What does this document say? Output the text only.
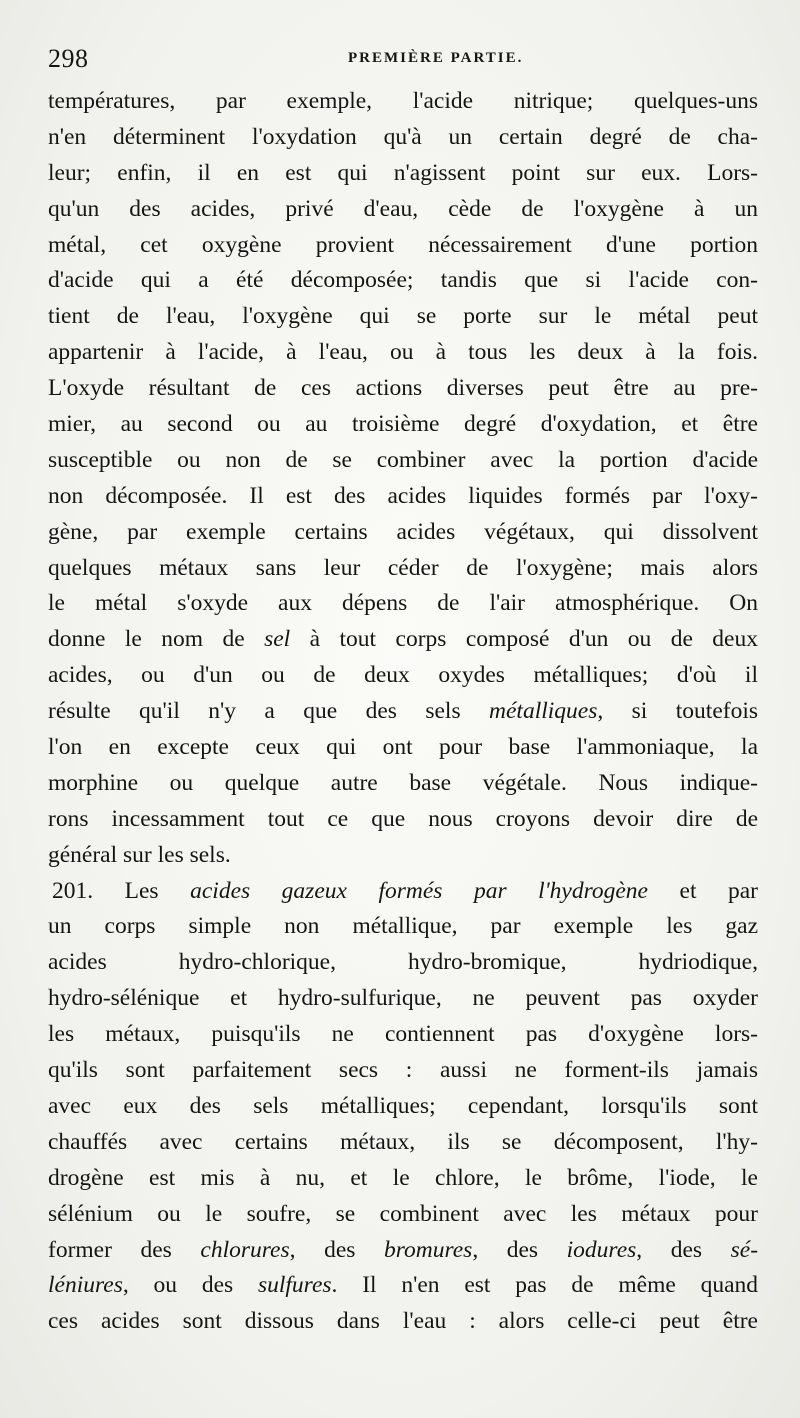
298	PREMIÈRE PARTIE.
températures, par exemple, l'acide nitrique; quelques-uns
n'en déterminent l'oxydation qu'à un certain degré de cha-
leur; enfin, il en est qui n'agissent point sur eux. Lors-
qu'un des acides, privé d'eau, cède de l'oxygène à un
métal, cet oxygène provient nécessairement d'une portion
d'acide qui a été décomposée; tandis que si l'acide con-
tient de l'eau, l'oxygène qui se porte sur le métal peut
appartenir à l'acide, à l'eau, ou à tous les deux à la fois.
L'oxyde résultant de ces actions diverses peut être au pre-
mier, au second ou au troisième degré d'oxydation, et être
susceptible ou non de se combiner avec la portion d'acide
non décomposée. Il est des acides liquides formés par l'oxy-
gène, par exemple certains acides végétaux, qui dissolvent
quelques métaux sans leur céder de l'oxygène; mais alors
le métal s'oxyde aux dépens de l'air atmosphérique. On
donne le nom de sel à tout corps composé d'un ou de deux
acides, ou d'un ou de deux oxydes métalliques; d'où il
résulte qu'il n'y a que des sels métalliques, si toutefois
l'on en excepte ceux qui ont pour base l'ammoniaque, la
morphine ou quelque autre base végétale. Nous indique-
rons incessamment tout ce que nous croyons devoir dire de
général sur les sels.
201. Les acides gazeux formés par l'hydrogène et par
un corps simple non métallique, par exemple les gaz
acides hydro-chlorique, hydro-bromique, hydriodique,
hydro-sélénique et hydro-sulfurique, ne peuvent pas oxyder
les métaux, puisqu'ils ne contiennent pas d'oxygène lors-
qu'ils sont parfaitement secs : aussi ne forment-ils jamais
avec eux des sels métalliques; cependant, lorsqu'ils sont
chauffés avec certains métaux, ils se décomposent, l'hy-
drogène est mis à nu, et le chlore, le brôme, l'iode, le
sélénium ou le soufre, se combinent avec les métaux pour
former des chlorures, des bromures, des iodures, des sé-
léniures, ou des sulfures. Il n'en est pas de même quand
ces acides sont dissous dans l'eau : alors celle-ci peut être
